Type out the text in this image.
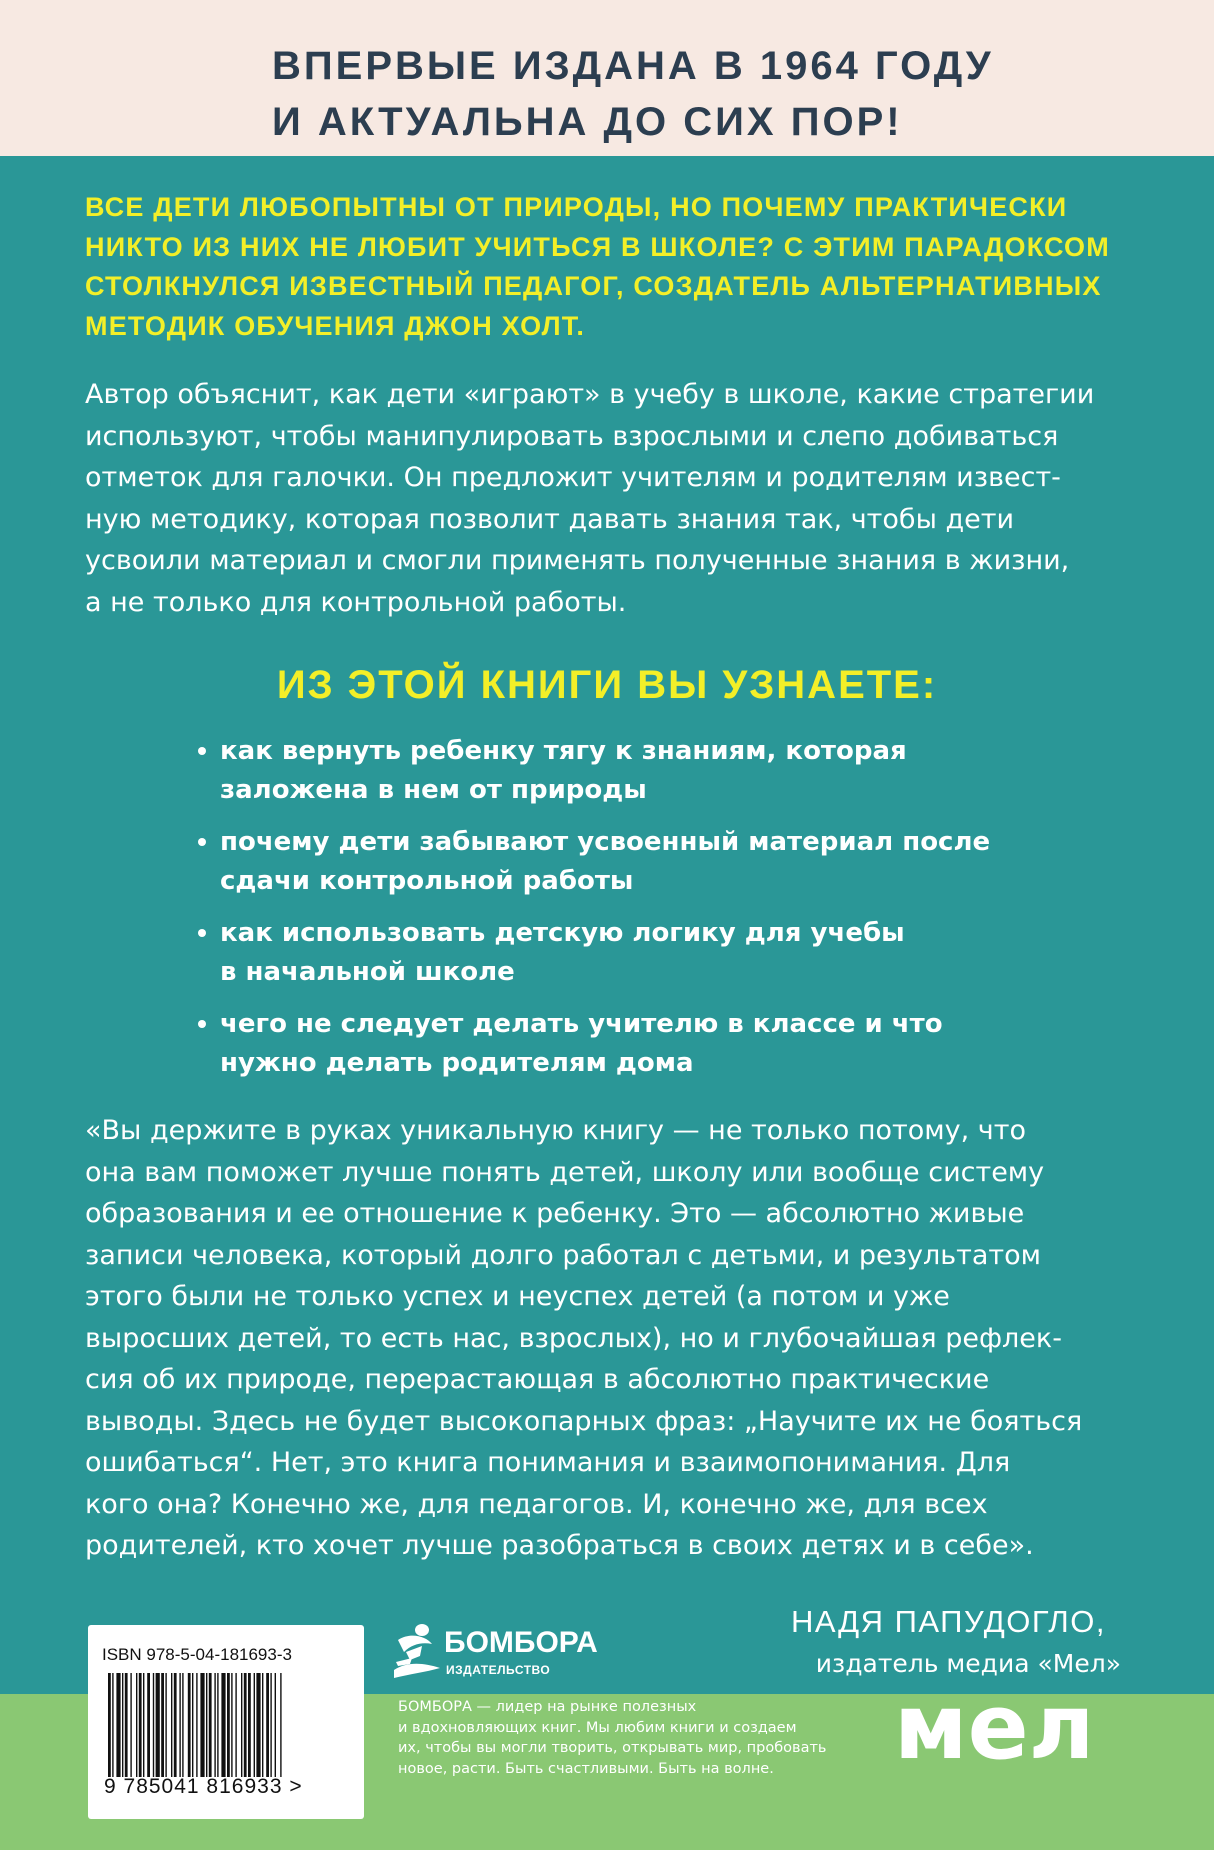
ВПЕРВЫЕ ИЗДАНА В 1964 ГОДУ
И АКТУАЛЬНА ДО СИХ ПОР!
ВСЕ ДЕТИ ЛЮБОПЫТНЫ ОТ ПРИРОДЫ, НО ПОЧЕМУ ПРАКТИЧЕСКИ
НИКТО ИЗ НИХ НЕ ЛЮБИТ УЧИТЬСЯ В ШКОЛЕ? С ЭТИМ ПАРАДОКСОМ
СТОЛКНУЛСЯ ИЗВЕСТНЫЙ ПЕДАГОГ, СОЗДАТЕЛЬ АЛЬТЕРНАТИВНЫХ
МЕТОДИК ОБУЧЕНИЯ ДЖОН ХОЛТ.
Автор объяснит, как дети «играют» в учебу в школе, какие стратегии
используют, чтобы манипулировать взрослыми и слепо добиваться
отметок для галочки. Он предложит учителям и родителям извест-
ную методику, которая позволит давать знания так, чтобы дети
усвоили материал и смогли применять полученные знания в жизни,
а не только для контрольной работы.
ИЗ ЭТОЙ КНИГИ ВЫ УЗНАЕТЕ:
как вернуть ребенку тягу к знаниям, которая
заложена в нем от природы
почему дети забывают усвоенный материал после
сдачи контрольной работы
как использовать детскую логику для учебы
в начальной школе
чего не следует делать учителю в классе и что
нужно делать родителям дома
«Вы держите в руках уникальную книгу — не только потому, что
она вам поможет лучше понять детей, школу или вообще систему
образования и ее отношение к ребенку. Это — абсолютно живые
записи человека, который долго работал с детьми, и результатом
этого были не только успех и неуспех детей (а потом и уже
выросших детей, то есть нас, взрослых), но и глубочайшая рефлек-
сия об их природе, перерастающая в абсолютно практические
выводы. Здесь не будет высокопарных фраз: „Научите их не бояться
ошибаться“. Нет, это книга понимания и взаимопонимания. Для
кого она? Конечно же, для педагогов. И, конечно же, для всех
родителей, кто хочет лучше разобраться в своих детях и в себе».

НАДЯ ПАПУДОГЛО,

издатель медиа «Мел»

ISBN 978-5-04-181693-3
9 785041 816933 >

БОМБОРА

ИЗДАТЕЛЬСТВО

БОМБОРА — лидер на рынке полезных
и вдохновляющих книг. Мы любим книги и создаем
их, чтобы вы могли творить, открывать мир, пробовать
новое, расти. Быть счастливыми. Быть на волне.	мел
